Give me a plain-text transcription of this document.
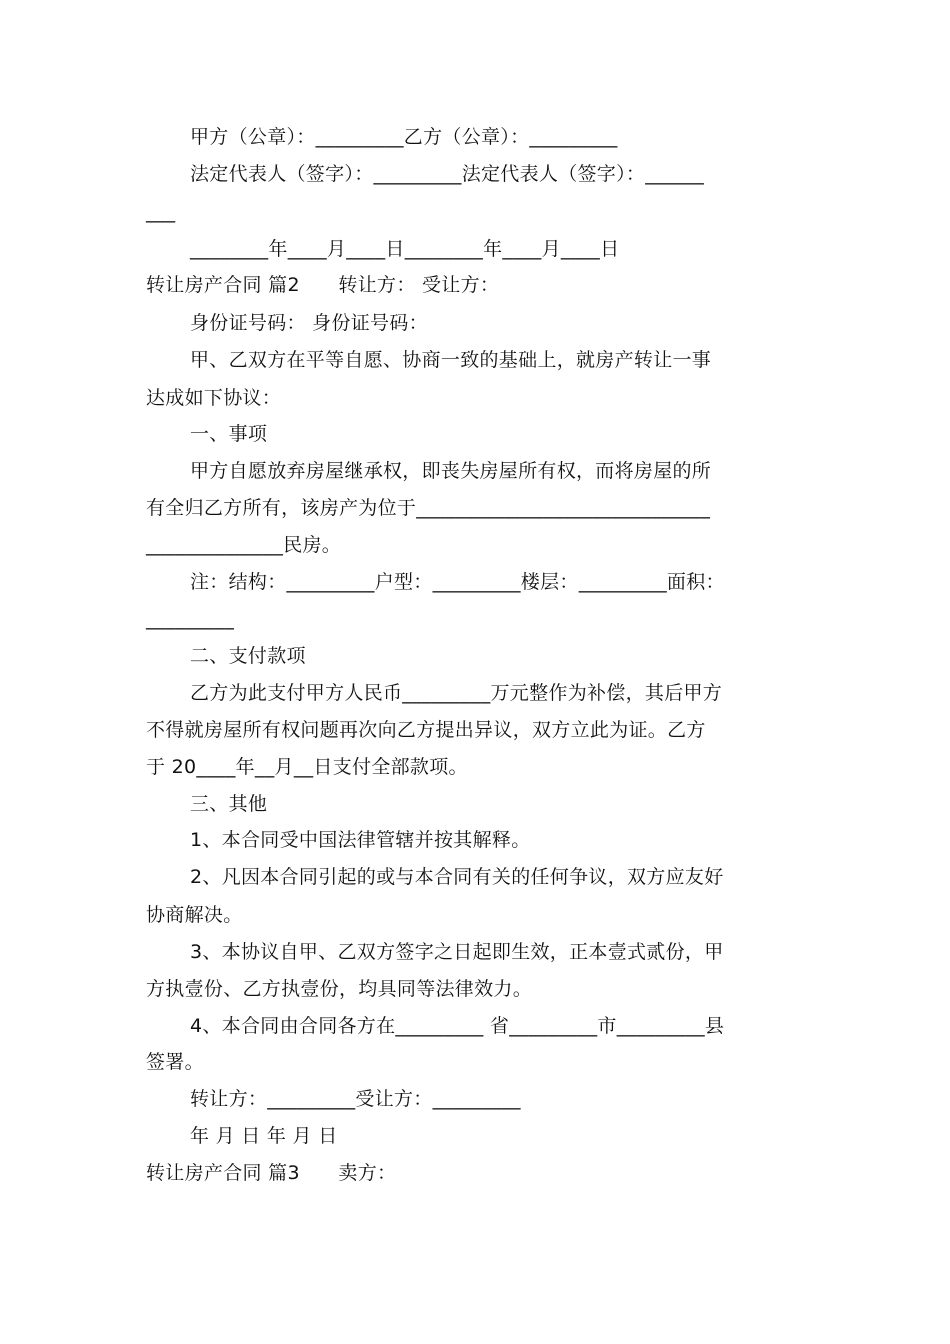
甲方（公章）：_________乙方（公章）：_________
法定代表人（签字）：_________法定代表人（签字）：______
___
________年____月____日________年____月____日
转让房产合同 篇2　　转让方： 受让方：
身份证号码： 身份证号码：
甲、乙双方在平等自愿、协商一致的基础上，就房产转让一事
达成如下协议：
一、事项
甲方自愿放弃房屋继承权，即丧失房屋所有权，而将房屋的所
有全归乙方所有，该房产为位于______________________________
______________民房。
注：结构：_________户型：_________楼层：_________面积：
_________
二、支付款项
乙方为此支付甲方人民币_________万元整作为补偿，其后甲方
不得就房屋所有权问题再次向乙方提出异议，双方立此为证。乙方
于 20____年__月__日支付全部款项。
三、其他
1、本合同受中国法律管辖并按其解释。
2、凡因本合同引起的或与本合同有关的任何争议，双方应友好
协商解决。
3、本协议自甲、乙双方签字之日起即生效，正本壹式贰份，甲
方执壹份、乙方执壹份，均具同等法律效力。
4、本合同由合同各方在_________ 省_________市_________县
签署。
转让方：_________受让方：_________
年 月 日 年 月 日
转让房产合同 篇3　　卖方：
